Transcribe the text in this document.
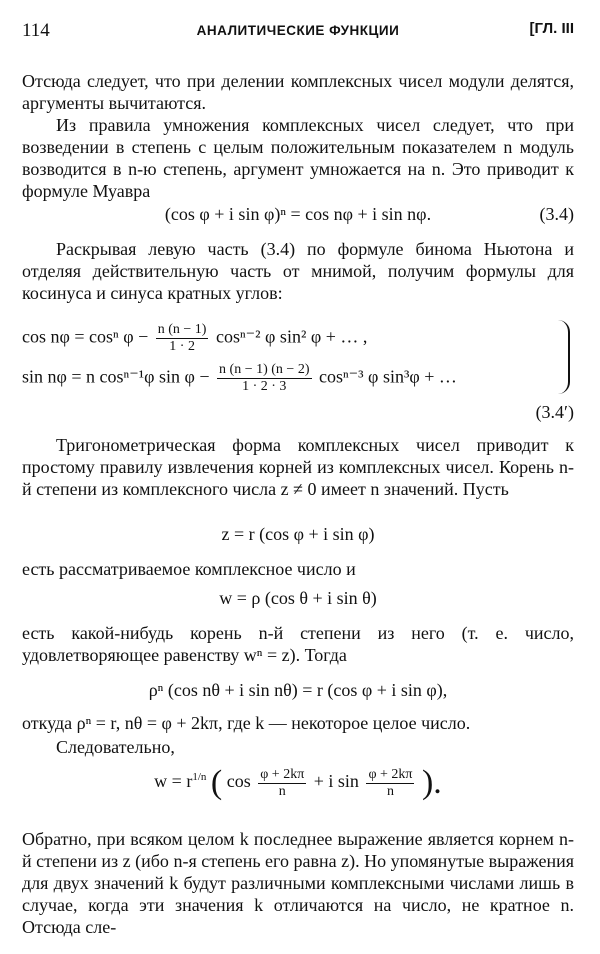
114	АНАЛИТИЧЕСКИЕ ФУНКЦИИ	[ГЛ. III
Отсюда следует, что при делении комплексных чисел модули делятся, аргументы вычитаются.
Из правила умножения комплексных чисел следует, что при возведении в степень с целым положительным показателем n модуль возводится в n-ю степень, аргумент умножается на n. Это приводит к формуле Муавра
(cos φ + i sin φ)ⁿ = cos nφ + i sin nφ.	(3.4)
Раскрывая левую часть (3.4) по формуле бинома Ньютона и отделяя действительную часть от мнимой, получим формулы для косинуса и синуса кратных углов:
cos nφ = cosⁿ $\varphi - \frac{n (n - 1)}{1 \cdot 2} \cos^{n-2}$ φ sin² φ + … ,
sin nφ = n cosⁿ⁻¹φ $\sin \varphi - \frac{n (n - 1) (n - 2)}{1 \cdot 2 \cdot 3} \cos^{n-3}$ φ sin³φ + …
(3.4′)
Тригонометрическая форма комплексных чисел приводит к простому правилу извлечения корней из комплексных чисел. Корень n-й степени из комплексного числа z ≠ 0 имеет n значений. Пусть
z = r (cos φ + i sin φ)
есть рассматриваемое комплексное число и
w = ρ (cos θ + i sin θ)
есть какой-нибудь корень n-й степени из него (т. е. число, удовлетворяющее равенству wⁿ = z). Тогда
ρⁿ (cos nθ + i sin nθ) = r (cos φ + i sin φ),
откуда ρⁿ = r, nθ = φ + 2kπ, где k — некоторое целое число.
Следовательно,
$w = r^{1/n}$ ( $\cos \frac{\varphi + 2k\pi}{n} + i$ $\sin \frac{\varphi + 2k\pi}{n}$ ).
Обратно, при всяком целом k последнее выражение является корнем n-й степени из z (ибо n-я степень его равна z). Но упомянутые выражения для двух значений k будут различными комплексными числами лишь в случае, когда эти значения k отличаются на число, не кратное n. Отсюда сле-
